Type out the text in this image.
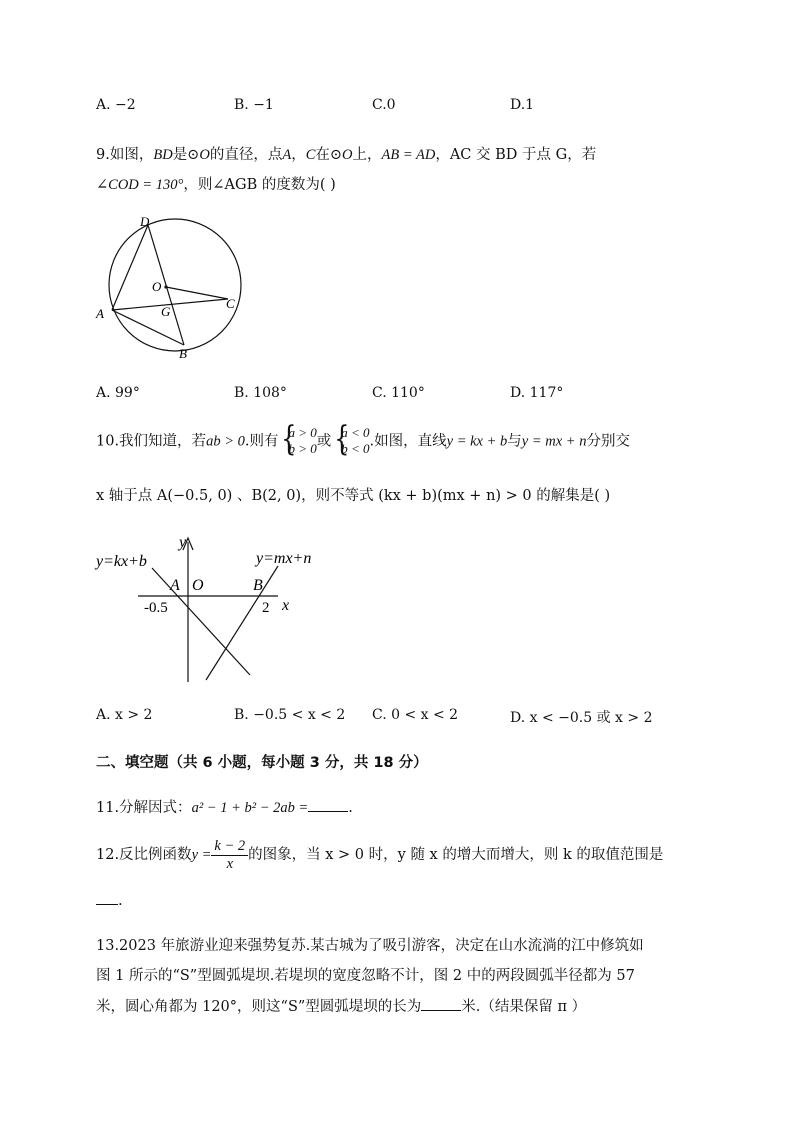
A. −2	B. −1	C.0	D.1
9.如图，BD是⊙O的直径，点A，C在⊙O上，AB = AD，AC 交 BD 于点 G，若
∠COD = 130°，则∠AGB 的度数为( )
D
O
C
A	G
B
A. 99°	B. 108°	C. 110°	D. 117°
10.我们知道，若ab > 0.则有 {
a > 0
b > 0 或 {
a < 0
b < 0 .如图，直线y = kx + b与y = mx + n分别交
x 轴于点 A(−0.5, 0) 、B(2, 0)，则不等式 (kx + b)(mx + n) > 0 的解集是( )
y
y=kx+b	y=mx+n
A O	B
-0.5	2 x
A. x > 2	B. −0.5 < x < 2 C. 0 < x < 2	D. x < −0.5 或 x > 2
二、填空题（共 6 小题，每小题 3 分，共 18 分）
11.分解因式：a² − 1 + b² − 2ab =	.
12.反比例函数$y = \frac{k - 2}{x}$ 的图象，当 x > 0 时，y 随 x 的增大而增大，则 k 的取值范围是
.
13.2023 年旅游业迎来强势复苏.某古城为了吸引游客，决定在山水流淌的江中修筑如
图 1 所示的“S”型圆弧堤坝.若堤坝的宽度忽略不计，图 2 中的两段圆弧半径都为 57
米，圆心角都为 120°，则这“S”型圆弧堤坝的长为	米.（结果保留 π ）
